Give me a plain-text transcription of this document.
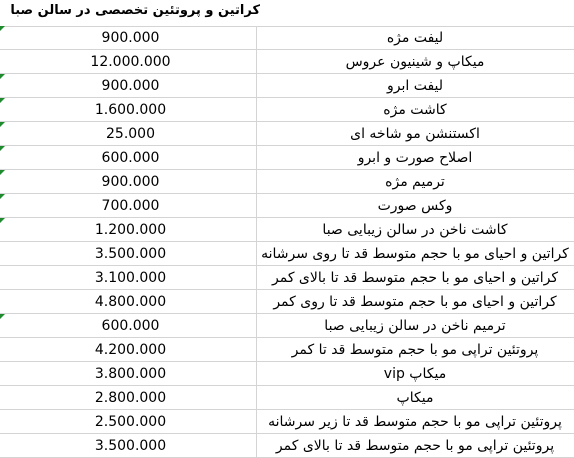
کراتین و پروتئین تخصصی در سالن صبا
900.000	لیفت مژه
12.000.000	میکاپ و شینیون عروس
900.000	لیفت ابرو
1.600.000	کاشت مژه
25.000	اکستنشن مو شاخه ای
600.000	اصلاح صورت و ابرو
900.000	ترمیم مژه
700.000	وکس صورت
1.200.000	کاشت ناخن در سالن زیبایی صبا
3.500.000	کراتین و احیای مو با حجم متوسط قد تا روی سرشانه
3.100.000	کراتین و احیای مو با حجم متوسط قد تا بالای کمر
4.800.000	کراتین و احیای مو با حجم متوسط قد تا روی کمر
600.000	ترمیم ناخن در سالن زیبایی صبا
4.200.000	پروتئین تراپی مو با حجم متوسط قد تا کمر
3.800.000	میکاپ vip
2.800.000	میکاپ
2.500.000	پروتئین تراپی مو با حجم متوسط قد تا زیر سرشانه
3.500.000	پروتئین تراپی مو با حجم متوسط قد تا بالای کمر
